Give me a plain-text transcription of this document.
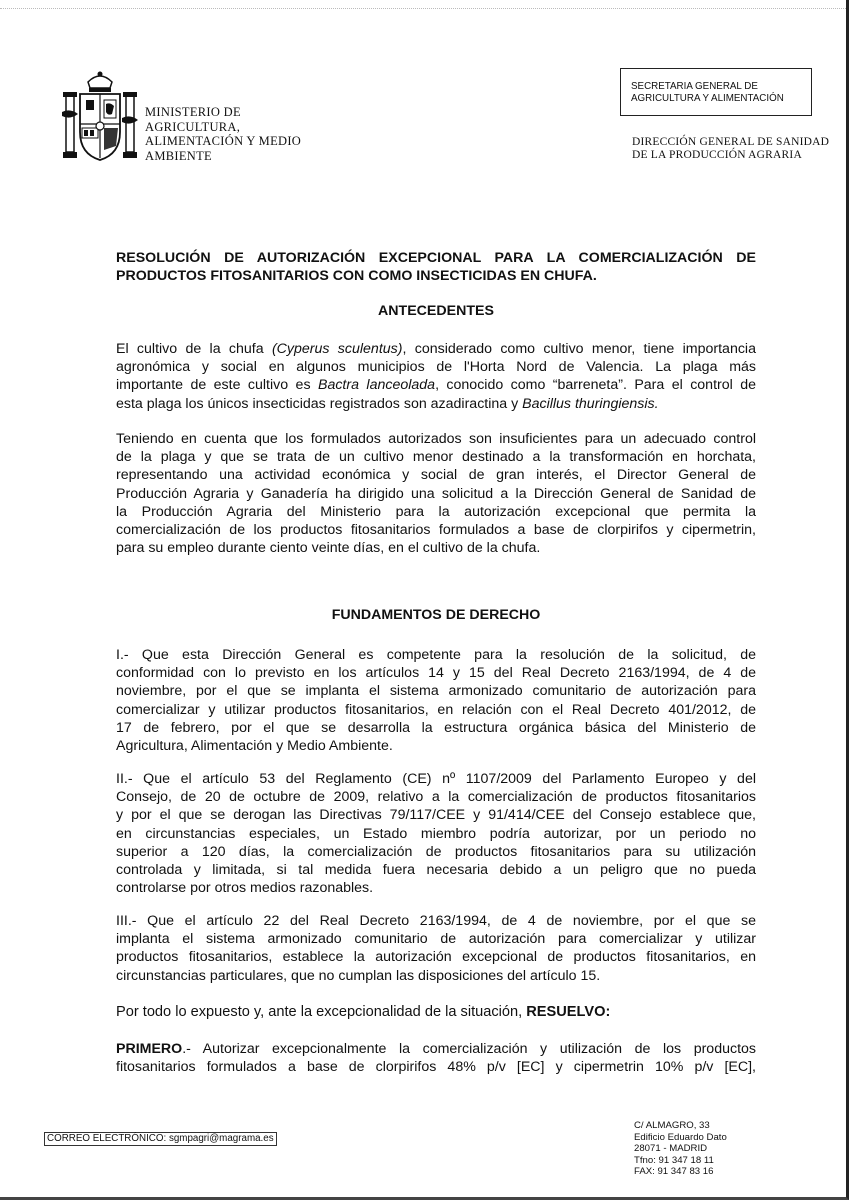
MINISTERIO DE
AGRICULTURA,
ALIMENTACIÓN Y MEDIO
AMBIENTE
SECRETARIA GENERAL DE
AGRICULTURA Y ALIMENTACIÓN
DIRECCIÓN GENERAL DE SANIDAD
DE LA PRODUCCIÓN AGRARIA
RESOLUCIÓN DE AUTORIZACIÓN EXCEPCIONAL PARA LA COMERCIALIZACIÓN DE
PRODUCTOS FITOSANITARIOS CON COMO INSECTICIDAS EN CHUFA.
ANTECEDENTES
El cultivo de la chufa (Cyperus sculentus), considerado como cultivo menor, tiene importancia
agronómica y social en algunos municipios de l'Horta Nord de Valencia. La plaga más
importante de este cultivo es Bactra lanceolada, conocido como “barreneta”. Para el control de
esta plaga los únicos insecticidas registrados son azadiractina y Bacillus thuringiensis.
Teniendo en cuenta que los formulados autorizados son insuficientes para un adecuado control
de la plaga y que se trata de un cultivo menor destinado a la transformación en horchata,
representando una actividad económica y social de gran interés, el Director General de
Producción Agraria y Ganadería ha dirigido una solicitud a la Dirección General de Sanidad de
la Producción Agraria del Ministerio para la autorización excepcional que permita la
comercialización de los productos fitosanitarios formulados a base de clorpirifos y cipermetrin,
para su empleo durante ciento veinte días, en el cultivo de la chufa.
FUNDAMENTOS DE DERECHO
I.- Que esta Dirección General es competente para la resolución de la solicitud, de
conformidad con lo previsto en los artículos 14 y 15 del Real Decreto 2163/1994, de 4 de
noviembre, por el que se implanta el sistema armonizado comunitario de autorización para
comercializar y utilizar productos fitosanitarios, en relación con el Real Decreto 401/2012, de
17 de febrero, por el que se desarrolla la estructura orgánica básica del Ministerio de
Agricultura, Alimentación y Medio Ambiente.
II.- Que el artículo 53 del Reglamento (CE) nº 1107/2009 del Parlamento Europeo y del
Consejo, de 20 de octubre de 2009, relativo a la comercialización de productos fitosanitarios
y por el que se derogan las Directivas 79/117/CEE y 91/414/CEE del Consejo establece que,
en circunstancias especiales, un Estado miembro podría autorizar, por un periodo no
superior a 120 días, la comercialización de productos fitosanitarios para su utilización
controlada y limitada, si tal medida fuera necesaria debido a un peligro que no pueda
controlarse por otros medios razonables.
III.- Que el artículo 22 del Real Decreto 2163/1994, de 4 de noviembre, por el que se
implanta el sistema armonizado comunitario de autorización para comercializar y utilizar
productos fitosanitarios, establece la autorización excepcional de productos fitosanitarios, en
circunstancias particulares, que no cumplan las disposiciones del artículo 15.
Por todo lo expuesto y, ante la excepcionalidad de la situación, RESUELVO:
PRIMERO.- Autorizar excepcionalmente la comercialización y utilización de los productos
fitosanitarios formulados a base de clorpirifos 48% p/v [EC] y cipermetrin 10% p/v [EC],
CORREO ELECTRÓNICO: sgmpagri@magrama.es
C/ ALMAGRO, 33
Edificio Eduardo Dato
28071 - MADRID
Tfno: 91 347 18 11
FAX: 91 347 83 16
